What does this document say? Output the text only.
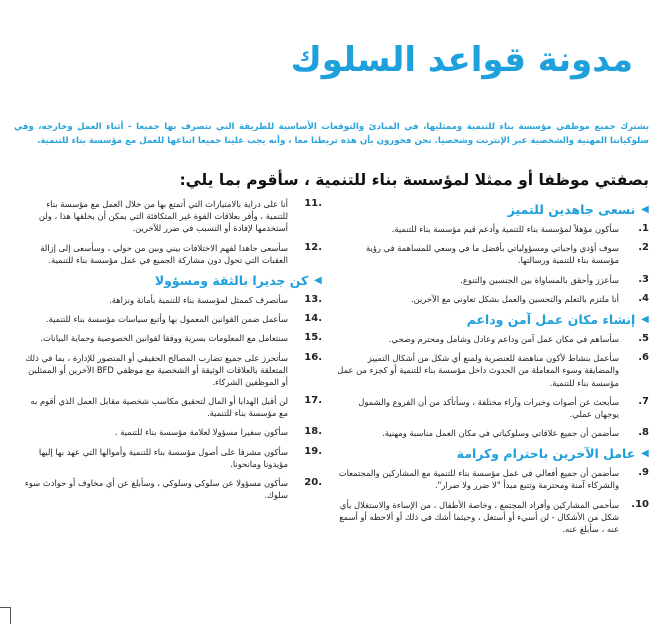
مدونة قواعد السلوك
يشترك جميع موظفي مؤسسة بناء للتنمية وممثليها، في المبادئ والتوقعات الأساسية للطريقة التي نتصرف بها جميعا - أثناء العمل وخارجه، وفي سلوكياتنا المهنية والشخصية عبر الإنترنت وشخصيا. نحن فخورون بأن هذه تربطنا معا ، وأنه يجب علينا جميعا اتباعها للعمل مع مؤسسة بناء للتنمية.
بصفتي موظفا أو ممثلا لمؤسسة بناء للتنمية ، سأقوم بما يلي:
▶
نسعى جاهدين للتميز
.1
سأكون مؤهلاً لمؤسسة بناء للتنمية وأدعم قيم مؤسسة بناء للتنمية.
.2
سوف أؤدي واجباتي ومسؤولياتي بأفضل ما في وسعي للمساهمة في رؤية مؤسسة بناء للتنمية ورسالتها.
.3
سأعزز وأحقق بالمساواة بين الجنسين والتنوع.
.4
أنا ملتزم بالتعلم والتحسين والعمل بشكل تعاوني مع الآخرين.
▶
إنشاء مكان عمل آمن وداعم
.5
سأساهم في مكان عمل آمن وداعم وعادل وشامل ومحترم وصحي.
.6
سأعمل بنشاط لأكون مناهضة للعنصرية ولمنع أي شكل من أشكال التمييز والمضايقة وسوء المعاملة من الحدوث داخل مؤسسة بناء للتنمية أو كجزء من عمل مؤسسة بناء للتنمية.
.7
سأبحث عن أصوات وخبرات وآراء مختلفة ، وسأتأكد من أن الفروع والشمول يوجهان عملي.
.8
سأضمن أن جميع علاقاتي وسلوكياتي في مكان العمل مناسبة ومهنية.
▶
عامل الآخرين باحترام وكرامة
.9
سأضمن أن جميع أفعالي في عمل مؤسسة بناء للتنمية مع المشاركين والمجتمعات والشركاء آمنة ومحترمة وتتبع مبدأ "لا ضرر ولا ضرار".
.10
سأحمي المشاركين وأفراد المجتمع ، وخاصة الأطفال ، من الإساءة والاستغلال بأي شكل من الأشكال - لن أسيء أو أستغل ، وحيثما أشك في ذلك أو ألاحظه أو أسمع عنه ، سأبلغ عنه.
11.
أنا على دراية بالامتيازات التي أتمتع بها من خلال العمل مع مؤسسة بناء للتنمية ، وأقر بعلاقات القوة غير المتكافئة التي يمكن أن يخلقها هذا ، ولن أستخدمها لإفادة أو التسبب في ضرر للآخرين.
12.
سأسعى جاهدا لفهم الاختلافات بيني وبين من حولي ، وسأسعى إلى إزالة العقبات التي تحول دون مشاركة الجميع في عمل مؤسسة بناء للتنمية.
▶
كن جديرا بالثقة ومسؤولا
13.
سأتصرف كممثل لمؤسسة بناء للتنمية بأمانة ونزاهة.
14.
سأعمل ضمن القوانين المعمول بها وأتبع سياسات مؤسسة بناء للتنمية.
15.
سنتعامل مع المعلومات بسرية ووفقا لقوانين الخصوصية وحماية البيانات.
16.
سأتحرز على جميع تضارب المصالح الحقيقي أو المتصور للإدارة ، بما في ذلك المتعلقة بالعلاقات الوثيقة أو الشخصية مع موظفي BFD الآخرين أو الممثلين أو الموظفين الشركاء.
17.
لن أقبل الهدايا أو المال لتحقيق مكاسب شخصية مقابل العمل الذي أقوم به مع مؤسسة بناء للتنمية.
18.
سأكون سفيرا مسؤولا لعلامة مؤسسة بناء للتنمية .
19.
سأكون مشرفا على أصول مؤسسة بناء للتنمية وأموالها التي عهد بها إليها مؤيدونا ومانحونا.
20.
سأكون مسؤولا عن سلوكي وسلوكي ، وسأبلغ عن أي مخاوف أو حوادث سوء سلوك.
